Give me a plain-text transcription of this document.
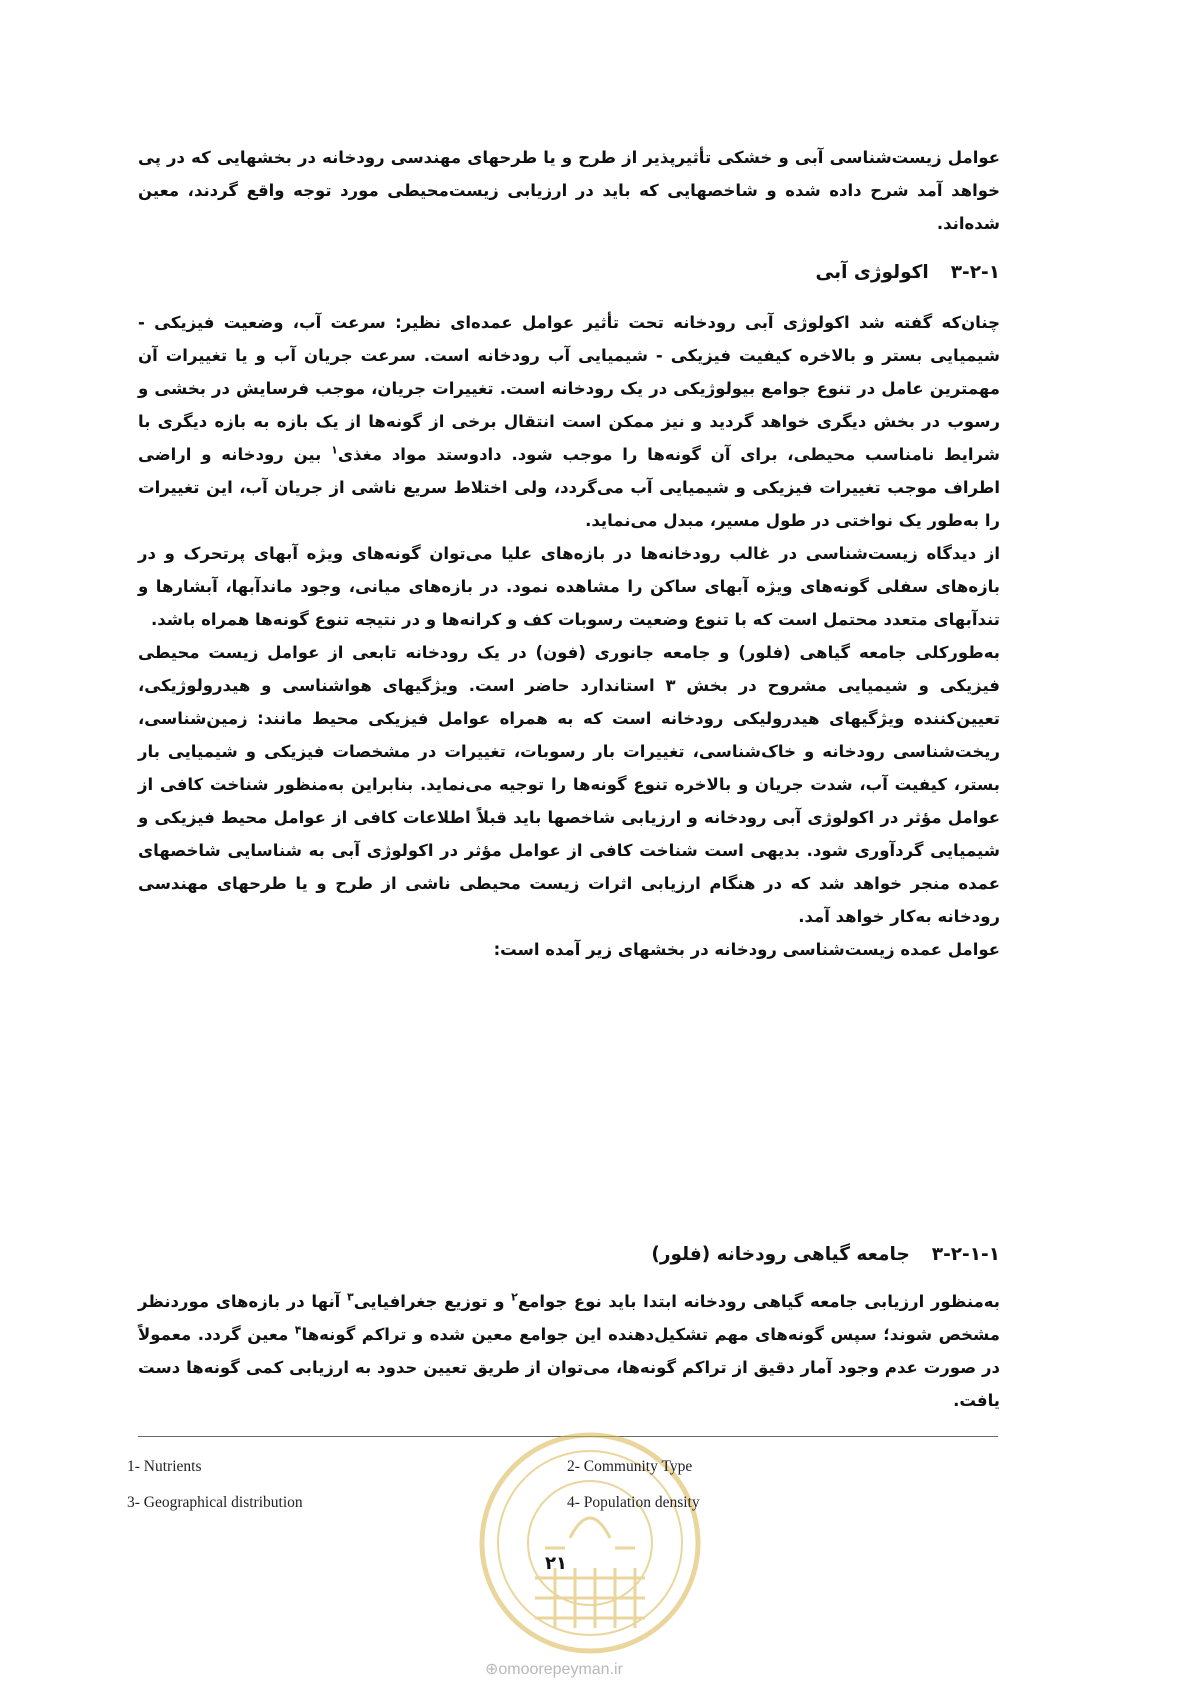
عوامل زیست‌شناسی آبی و خشکی تأثیرپذیر از طرح و یا طرحهای مهندسی رودخانه در بخشهایی که در پی خواهد آمد شرح داده شده و شاخصهایی که باید در ارزیابی زیست‌محیطی مورد توجه واقع گردند، معین شده‌اند.

۳-۲-۱اکولوژی آبی

چنان‌که گفته شد اکولوژی آبی رودخانه تحت تأثیر عوامل عمده‌ای نظیر: سرعت آب، وضعیت فیزیکی - شیمیایی بستر و بالاخره کیفیت فیزیکی - شیمیایی آب رودخانه است. سرعت جریان آب و یا تغییرات آن مهمترین عامل در تنوع جوامع بیولوژیکی در یک رودخانه است. تغییرات جریان، موجب فرسایش در بخشی و رسوب در بخش دیگری خواهد گردید و نیز ممکن است انتقال برخی از گونه‌ها از یک بازه به بازه دیگری با شرایط نامناسب محیطی، برای آن گونه‌ها را موجب شود. دادوستد مواد مغذی$^۱$ بین رودخانه و اراضی اطراف موجب تغییرات فیزیکی و شیمیایی آب می‌گردد، ولی اختلاط سریع ناشی از جریان آب، این تغییرات را به‌طور یک نواختی در طول مسیر، مبدل می‌نماید.

از دیدگاه زیست‌شناسی در غالب رودخانه‌ها در بازه‌های علیا می‌توان گونه‌های ویژه آبهای پرتحرک و در بازه‌های سفلی گونه‌های ویژه آبهای ساکن را مشاهده نمود. در بازه‌های میانی، وجود ماندآبها، آبشارها و تندآبهای متعدد محتمل است که با تنوع وضعیت رسوبات کف و کرانه‌ها و در نتیجه تنوع گونه‌ها همراه باشد.

به‌طورکلی جامعه گیاهی (فلور) و جامعه جانوری (فون) در یک رودخانه تابعی از عوامل زیست محیطی فیزیکی و شیمیایی مشروح در بخش ۳ استاندارد حاضر است. ویژگیهای هواشناسی و هیدرولوژیکی، تعیین‌کننده ویژگیهای هیدرولیکی رودخانه است که به همراه عوامل فیزیکی محیط مانند: زمین‌شناسی، ریخت‌شناسی رودخانه و خاک‌شناسی، تغییرات بار رسوبات، تغییرات در مشخصات فیزیکی و شیمیایی بار بستر، کیفیت آب، شدت جریان و بالاخره تنوع گونه‌ها را توجیه می‌نماید. بنابراین به‌منظور شناخت کافی از عوامل مؤثر در اکولوژی آبی رودخانه و ارزیابی شاخصها باید قبلاً اطلاعات کافی از عوامل محیط فیزیکی و شیمیایی گردآوری شود. بدیهی است شناخت کافی از عوامل مؤثر در اکولوژی آبی به شناسایی شاخصهای عمده منجر خواهد شد که در هنگام ارزیابی اثرات زیست محیطی ناشی از طرح و یا طرحهای مهندسی رودخانه به‌کار خواهد آمد.

عوامل عمده زیست‌شناسی رودخانه در بخشهای زیر آمده است:

۳-۲-۱-۱جامعه گیاهی رودخانه (فلور)

به‌منظور ارزیابی جامعه گیاهی رودخانه ابتدا باید نوع جوامع$^۲$ و توزیع جغرافیایی$^۳$ آنها در بازه‌های موردنظر مشخص شوند؛ سپس گونه‌های مهم تشکیل‌دهنده این جوامع معین شده و تراکم گونه‌ها$^۴$ معین گردد. معمولاً در صورت عدم وجود آمار دقیق از تراکم گونه‌ها، می‌توان از طریق تعیین حدود به ارزیابی کمی گونه‌ها دست یافت.

1- Nutrients	2- Community Type
3- Geographical distribution	4- Population density
۲۱
⊕omoorepeyman.ir
